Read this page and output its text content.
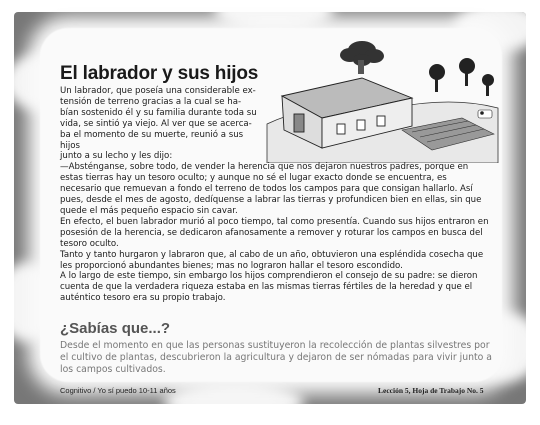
El labrador y sus hijos

Un labrador, que poseía una considerable ex-

tensión de terreno gracias a la cual se ha-

bían sostenido él y su familia durante toda su

vida, se sintió ya viejo. Al ver que se acerca-

ba el momento de su muerte, reunió a sus hijos

junto a su lecho y les dijo:

—Absténganse, sobre todo, de vender la herencia que nos dejaron nuestros padres, porque en estas tierras hay un tesoro oculto; y aunque no sé el lugar exacto donde se encuentra, es necesario que remuevan a fondo el terreno de todos los campos para que consigan hallarlo. Así pues, desde el mes de agosto, dedíquense a labrar las tierras y profundicen bien en ellas, sin que quede el más pequeño espacio sin cavar.

En efecto, el buen labrador murió al poco tiempo, tal como presentía. Cuando sus hijos entraron en posesión de la herencia, se dedicaron afanosamente a remover y roturar los campos en busca del tesoro oculto.

Tanto y tanto hurgaron y labraron que, al cabo de un año, obtuvieron una espléndida cosecha que les proporcionó abundantes bienes; mas no lograron hallar el tesoro escondido.

A lo largo de este tiempo, sin embargo los hijos comprendieron el consejo de su padre: se dieron cuenta de que la verdadera riqueza estaba en las mismas tierras fértiles de la heredad y que el auténtico tesoro era su propio trabajo.

¿Sabías que...?

Desde el momento en que las personas sustituyeron la recolección de plantas silvestres por el cultivo de plantas, descubrieron la agricultura y dejaron de ser nómadas para vivir junto a los campos cultivados.

Cognitivo / Yo sí puedo 10-11 años	Lección 5, Hoja de Trabajo No. 5
